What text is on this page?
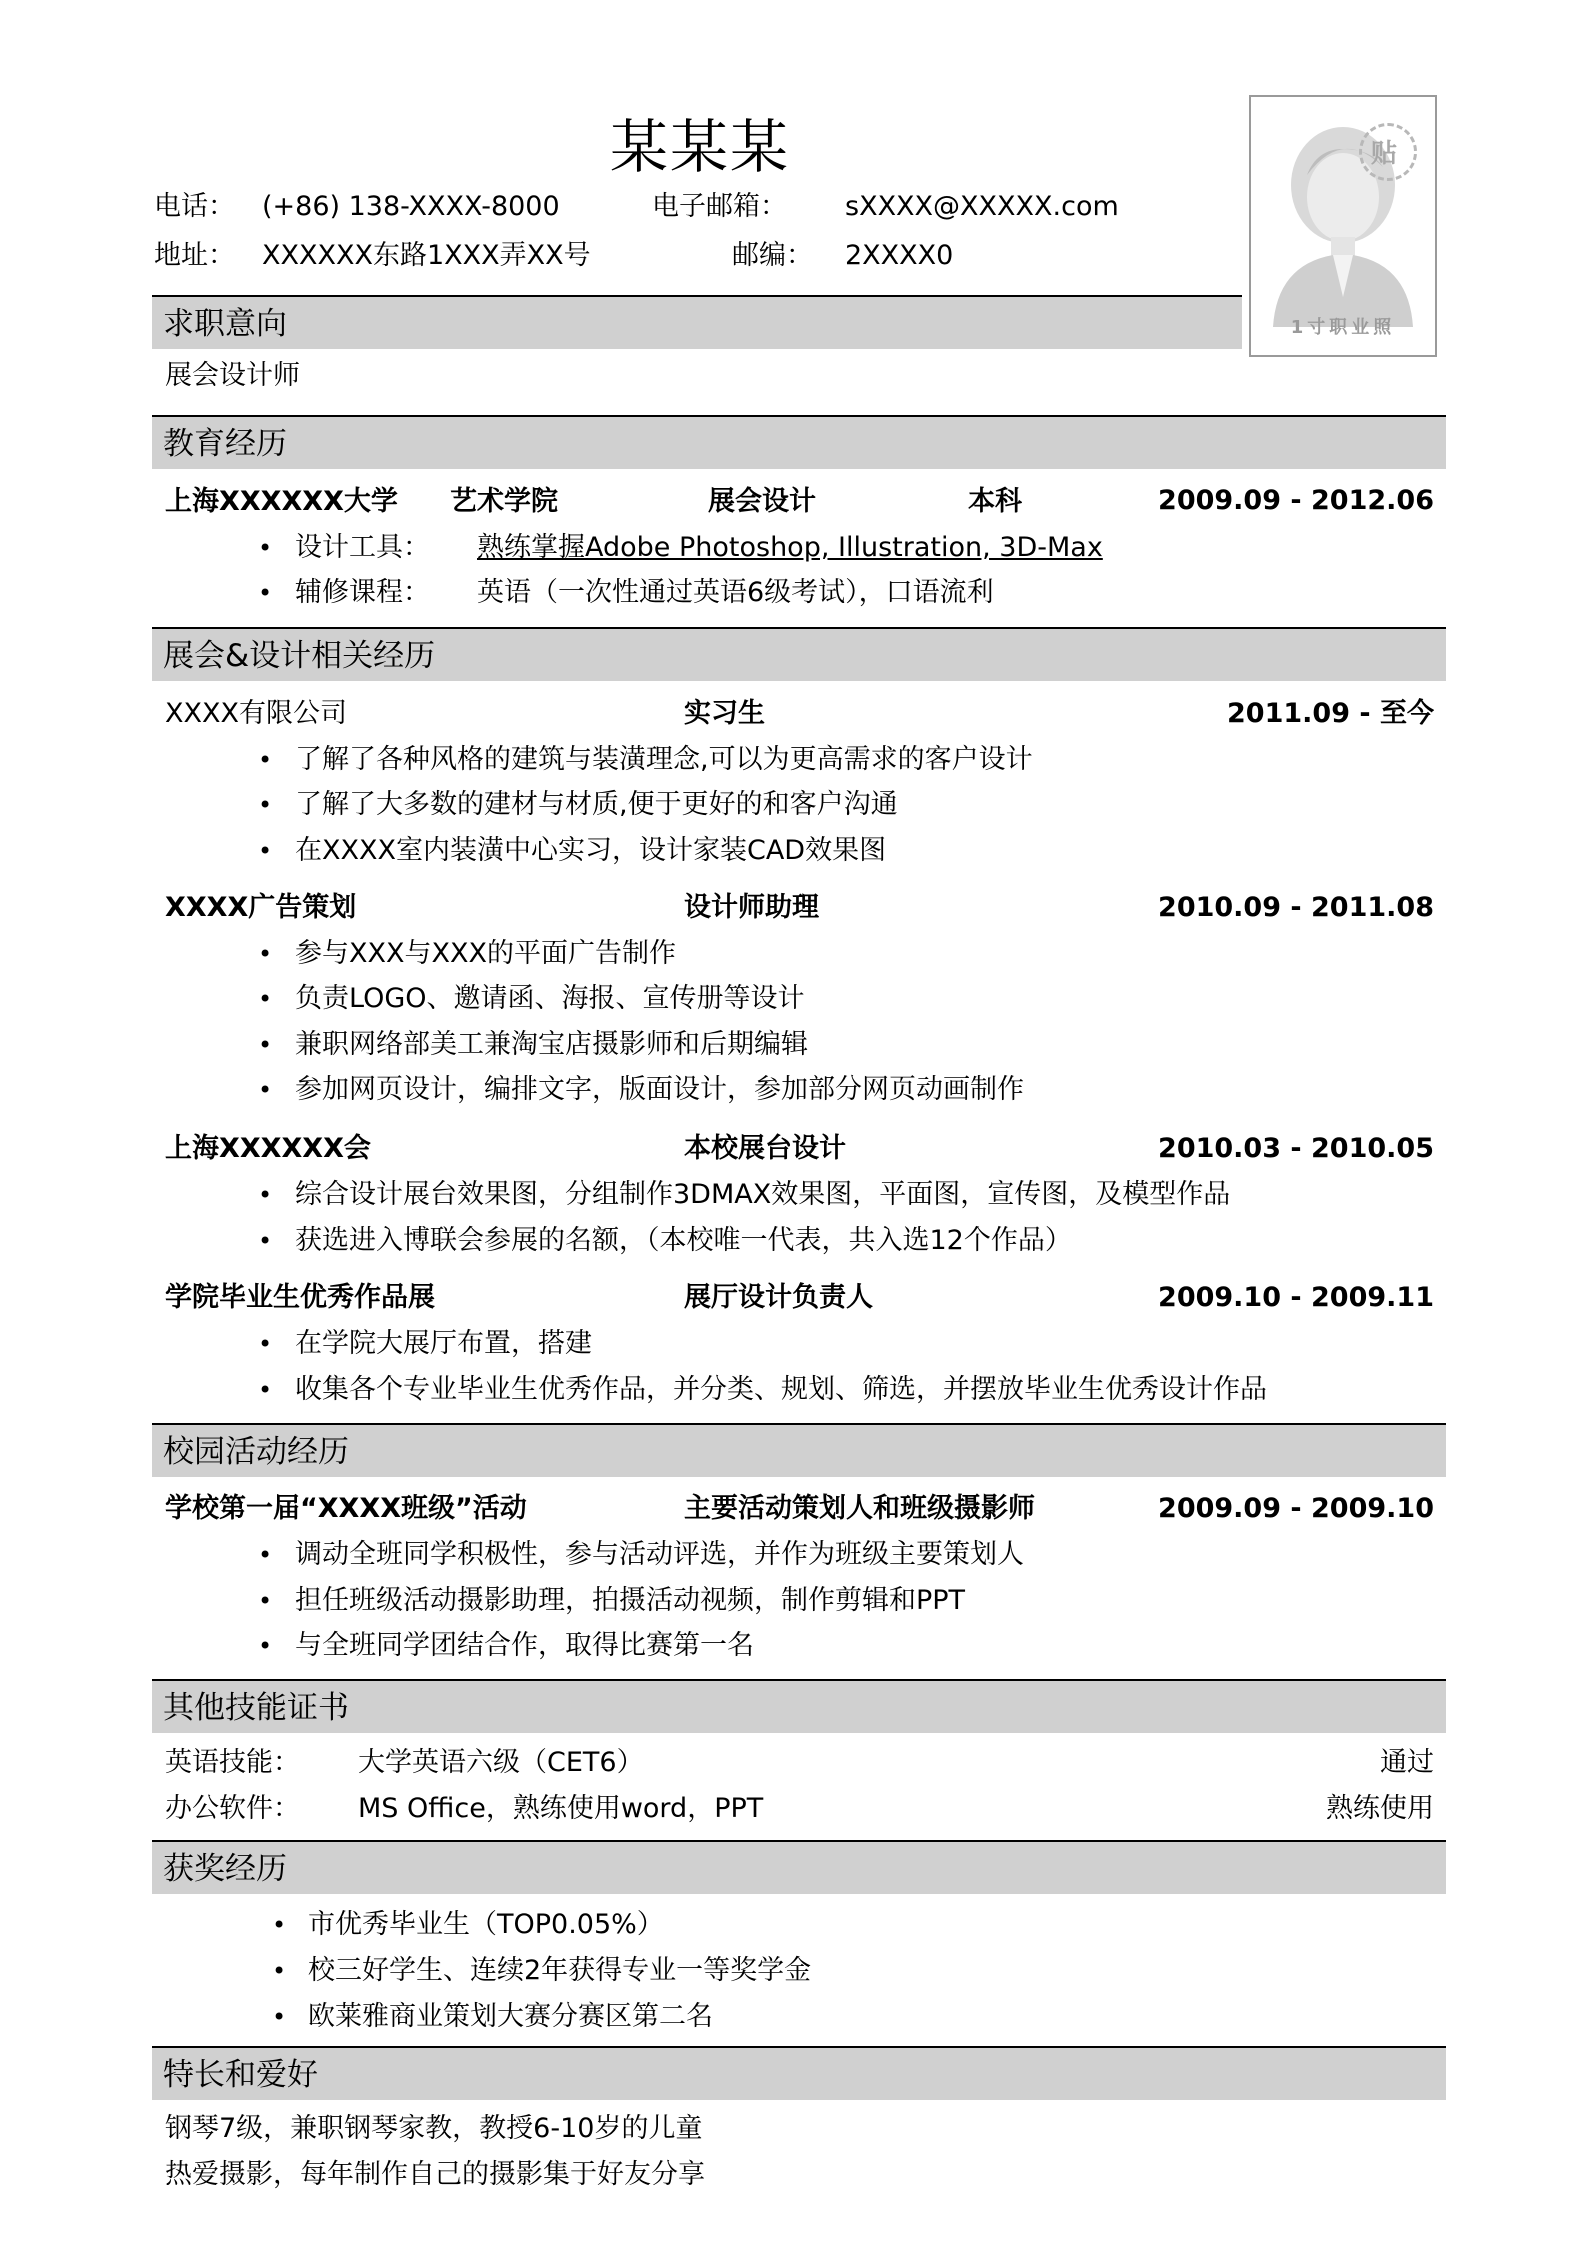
某某某
电话： (+86) 138-XXXX-8000	电子邮箱： sXXXX@XXXXX.com
地址： XXXXXX东路1XXX弄XX号	邮编： 2XXXX0
贴
1寸职业照
求职意向
展会设计师
教育经历
上海XXXXXX大学 艺术学院	展会设计	本科	2009.09 - 2012.06
• 设计工具： 熟练掌握Adobe Photoshop, Illustration, 3D-Max
• 辅修课程： 英语（一次性通过英语6级考试），口语流利
展会&设计相关经历
XXXX有限公司	实习生	2011.09 - 至今
• 了解了各种风格的建筑与装潢理念,可以为更高需求的客户设计
• 了解了大多数的建材与材质,便于更好的和客户沟通
• 在XXXX室内装潢中心实习，设计家装CAD效果图
XXXX广告策划	设计师助理	2010.09 - 2011.08
• 参与XXX与XXX的平面广告制作
• 负责LOGO、邀请函、海报、宣传册等设计
• 兼职网络部美工兼淘宝店摄影师和后期编辑
• 参加网页设计，编排文字，版面设计，参加部分网页动画制作
上海XXXXXX会	本校展台设计	2010.03 - 2010.05
• 综合设计展台效果图，分组制作3DMAX效果图，平面图，宣传图，及模型作品
• 获选进入博联会参展的名额，（本校唯一代表，共入选12个作品）
学院毕业生优秀作品展	展厅设计负责人	2009.10 - 2009.11
• 在学院大展厅布置，搭建
• 收集各个专业毕业生优秀作品，并分类、规划、筛选，并摆放毕业生优秀设计作品
校园活动经历
学校第一届“XXXX班级”活动	主要活动策划人和班级摄影师	2009.09 - 2009.10
• 调动全班同学积极性，参与活动评选，并作为班级主要策划人
• 担任班级活动摄影助理，拍摄活动视频，制作剪辑和PPT
• 与全班同学团结合作，取得比赛第一名
其他技能证书
英语技能： 大学英语六级（CET6）	通过
办公软件： MS Office，熟练使用word，PPT	熟练使用
获奖经历
• 市优秀毕业生（TOP0.05%）
• 校三好学生、连续2年获得专业一等奖学金
• 欧莱雅商业策划大赛分赛区第二名
特长和爱好
钢琴7级，兼职钢琴家教，教授6-10岁的儿童
热爱摄影，每年制作自己的摄影集于好友分享
